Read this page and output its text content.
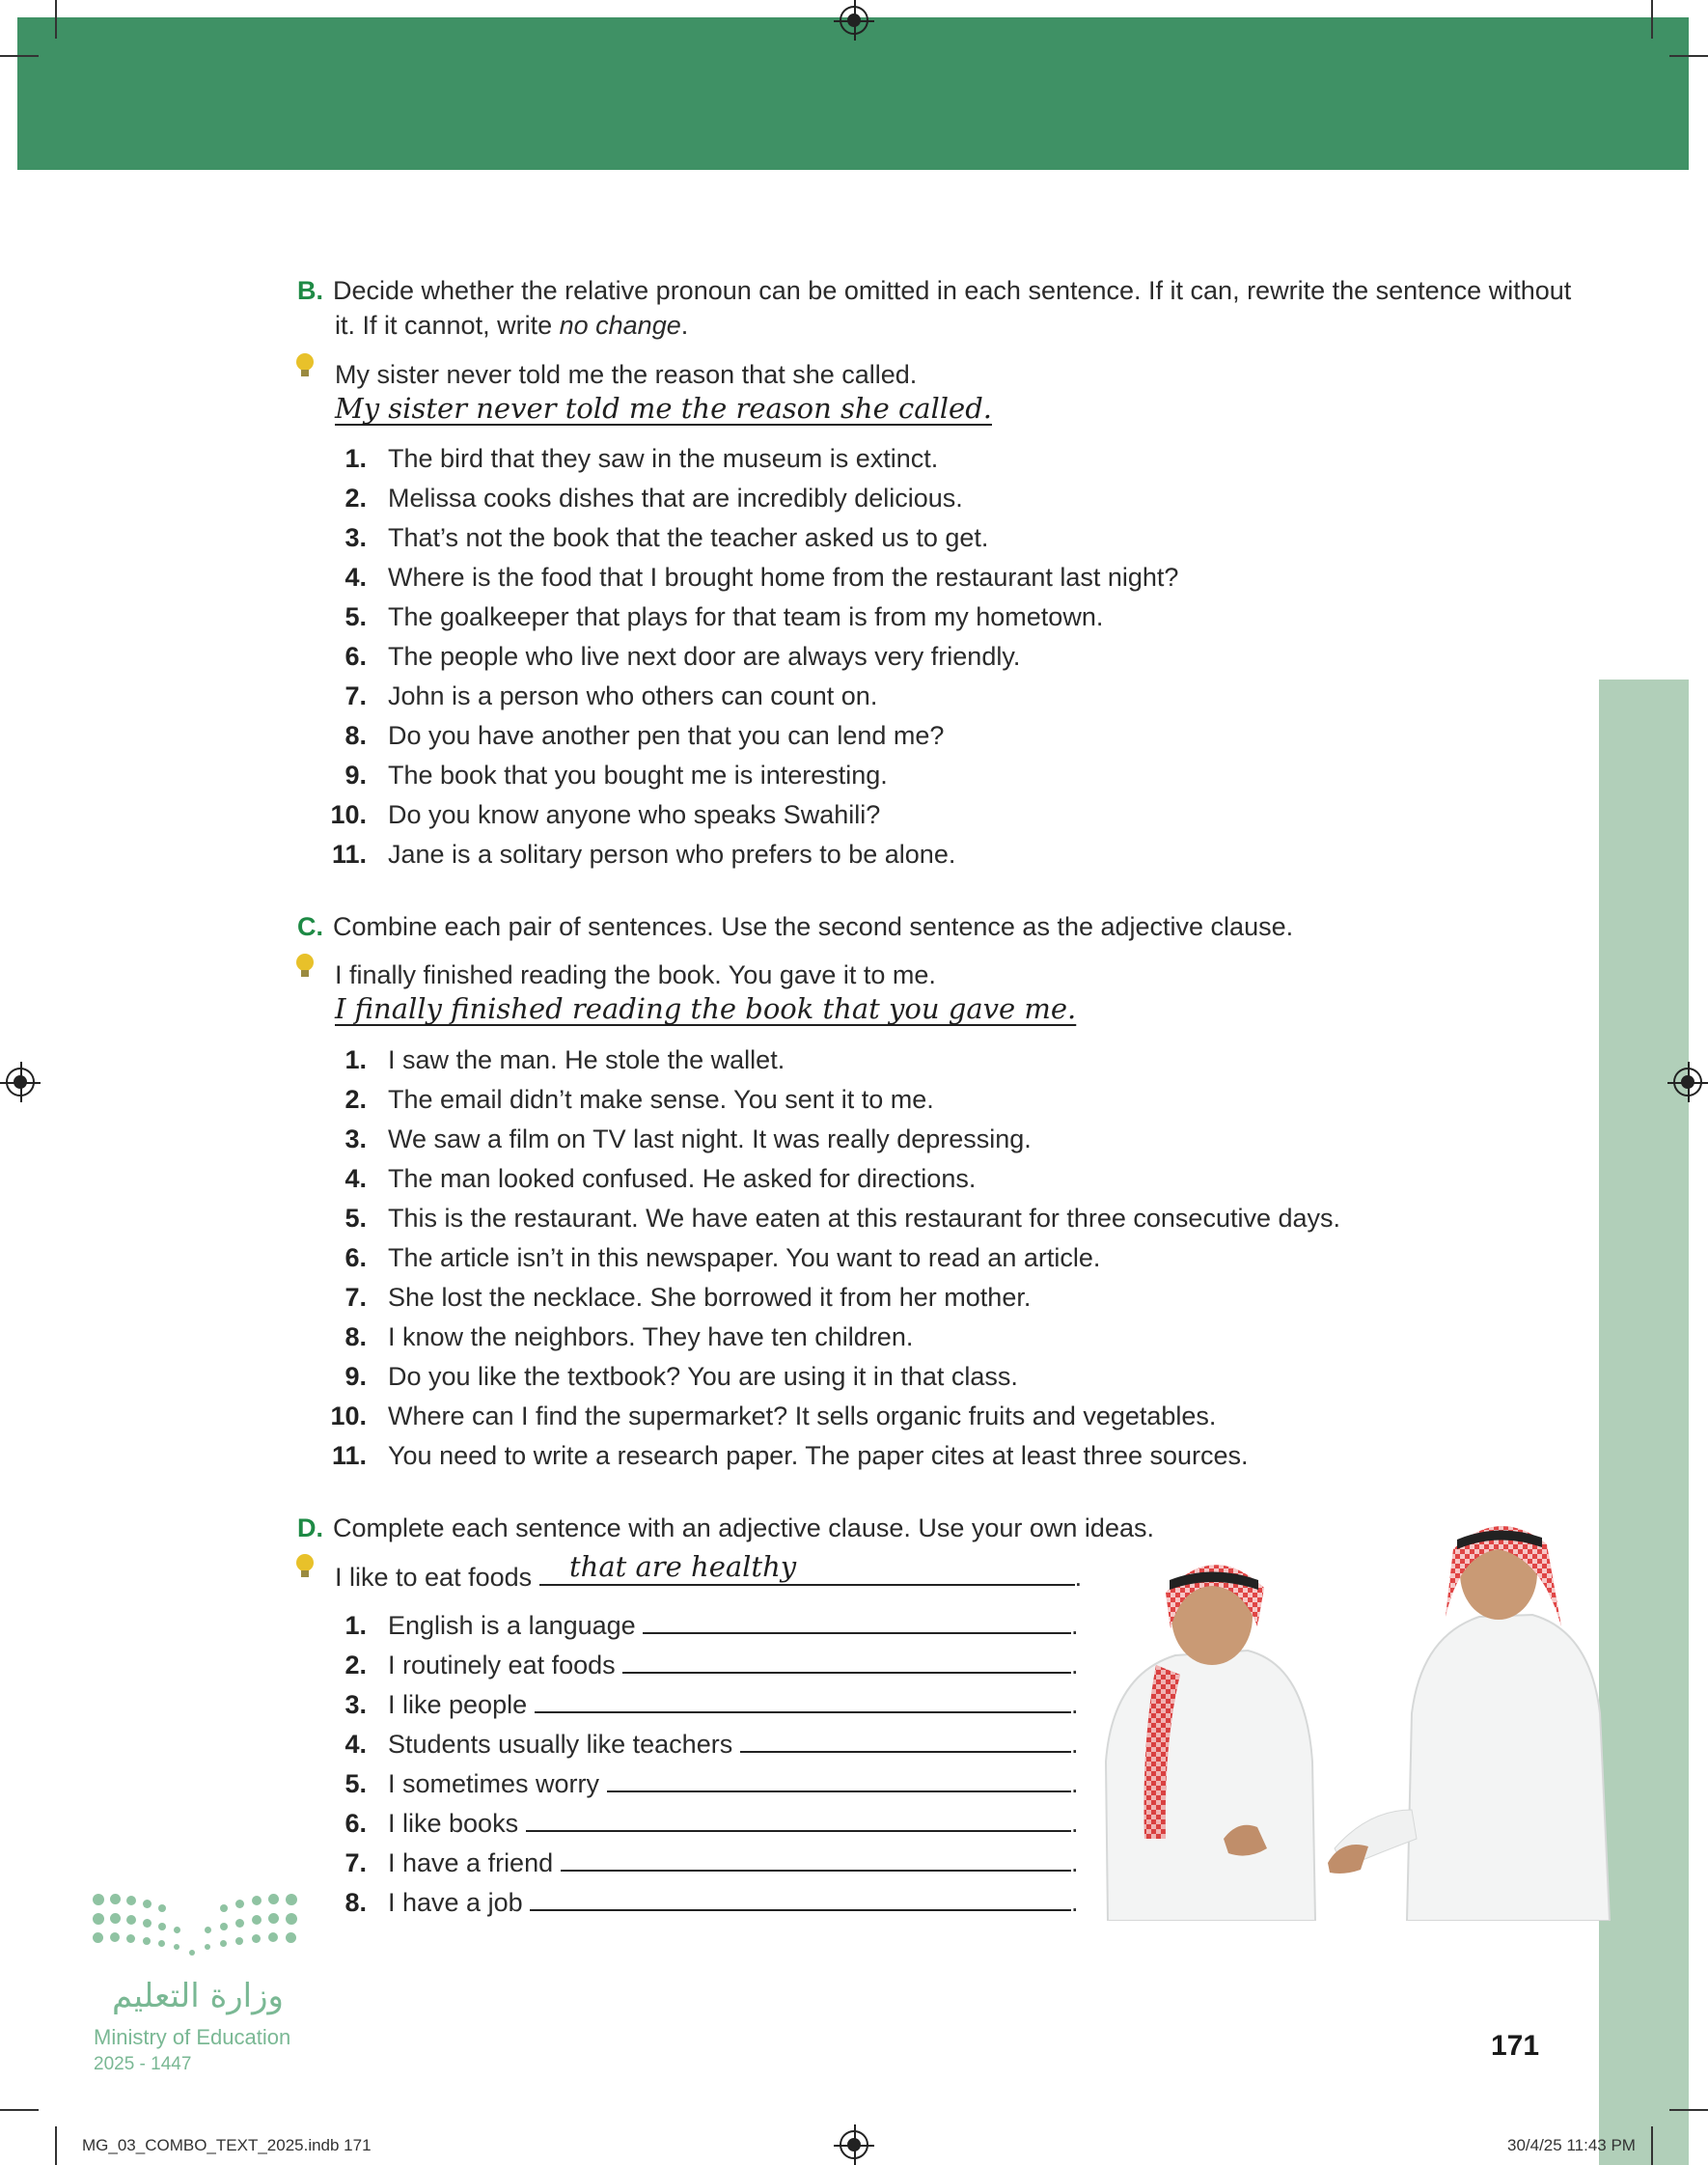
B. Decide whether the relative pronoun can be omitted in each sentence. If it can, rewrite the sentence without
it. If it cannot, write no change.
My sister never told me the reason that she called.
My sister never told me the reason she called.
1. The bird that they saw in the museum is extinct.
2. Melissa cooks dishes that are incredibly delicious.
3. That’s not the book that the teacher asked us to get.
4. Where is the food that I brought home from the restaurant last night?
5. The goalkeeper that plays for that team is from my hometown.
6. The people who live next door are always very friendly.
7. John is a person who others can count on.
8. Do you have another pen that you can lend me?
9. The book that you bought me is interesting.
10. Do you know anyone who speaks Swahili?
11. Jane is a solitary person who prefers to be alone.
C. Combine each pair of sentences. Use the second sentence as the adjective clause.
I finally finished reading the book. You gave it to me.
I finally finished reading the book that you gave me.
1. I saw the man. He stole the wallet.
2. The email didn’t make sense. You sent it to me.
3. We saw a film on TV last night. It was really depressing.
4. The man looked confused. He asked for directions.
5. This is the restaurant. We have eaten at this restaurant for three consecutive days.
6. The article isn’t in this newspaper. You want to read an article.
7. She lost the necklace. She borrowed it from her mother.
8. I know the neighbors. They have ten children.
9. Do you like the textbook? You are using it in that class.
10. Where can I find the supermarket? It sells organic fruits and vegetables.
11. You need to write a research paper. The paper cites at least three sources.
D. Complete each sentence with an adjective clause. Use your own ideas.
I like to eat foods	.
that are healthy
1. English is a language	.
2. I routinely eat foods	.
3. I like people	.
4. Students usually like teachers	.
5. I sometimes worry	.
6. I like books	.
7. I have a friend	.
8. I have a job	.
وزارة التعليم
Ministry of Education
2025 - 1447
171
MG_03_COMBO_TEXT_2025.indb 171	30/4/25 11:43 PM
